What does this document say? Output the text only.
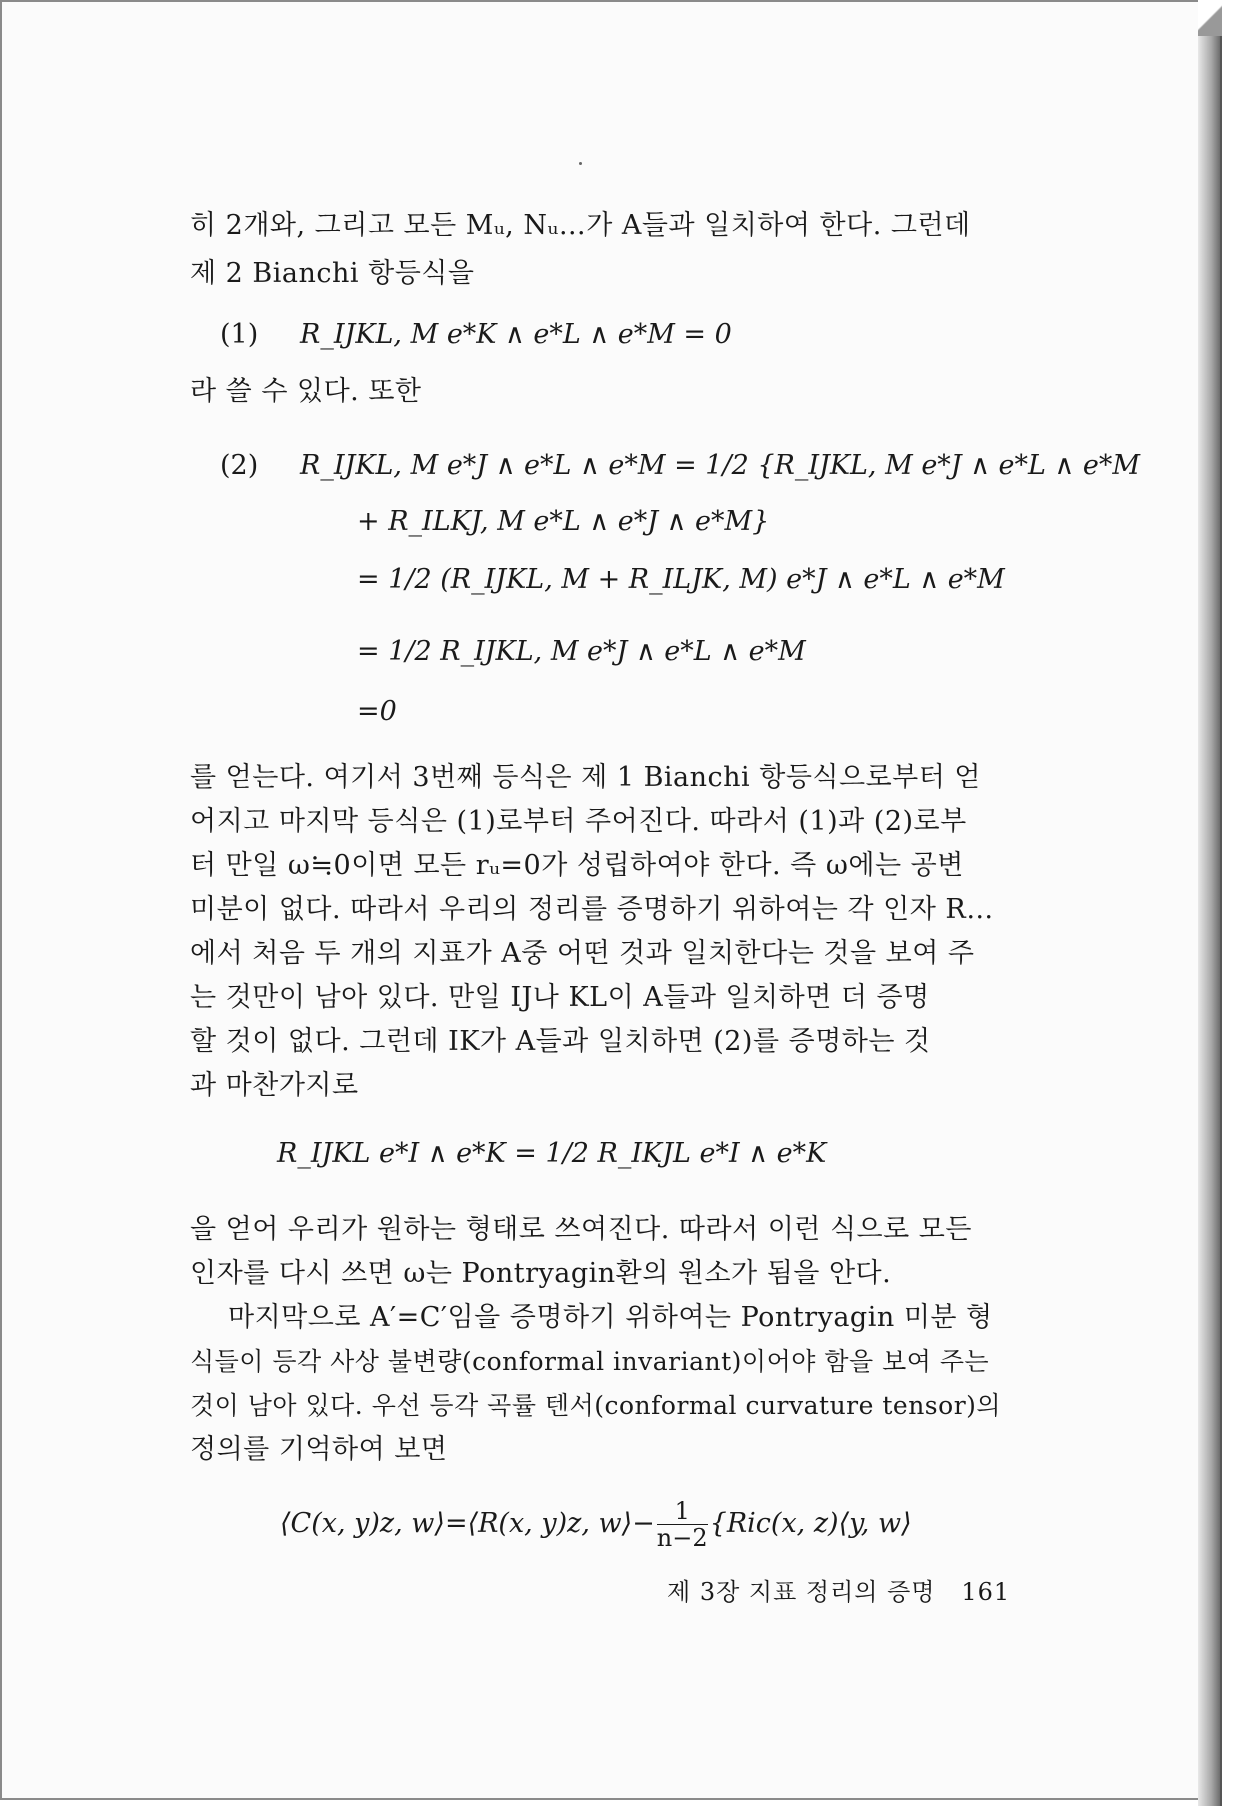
히 2개와, 그리고 모든 Mᵤ, Nᵤ…가 A들과 일치하여 한다. 그런데
제 2 Bianchi 항등식을
(1) R_IJKL, M e*K ∧ e*L ∧ e*M = 0
라 쓸 수 있다. 또한
(2) R_IJKL, M e*J ∧ e*L ∧ e*M = 1/2 {R_IJKL, M e*J ∧ e*L ∧ e*M
+ R_ILKJ, M e*L ∧ e*J ∧ e*M}
= 1/2 (R_IJKL, M + R_ILJK, M) e*J ∧ e*L ∧ e*M
= 1/2 R_IJKL, M e*J ∧ e*L ∧ e*M
=0
를 얻는다. 여기서 3번째 등식은 제 1 Bianchi 항등식으로부터 얻
어지고 마지막 등식은 (1)로부터 주어진다. 따라서 (1)과 (2)로부
터 만일 ω≒0이면 모든 rᵤ=0가 성립하여야 한다. 즉 ω에는 공변
미분이 없다. 따라서 우리의 정리를 증명하기 위하여는 각 인자 R…
에서 처음 두 개의 지표가 A중 어떤 것과 일치한다는 것을 보여 주
는 것만이 남아 있다. 만일 IJ나 KL이 A들과 일치하면 더 증명
할 것이 없다. 그런데 IK가 A들과 일치하면 (2)를 증명하는 것
과 마찬가지로
R_IJKL e*I ∧ e*K = 1/2 R_IKJL e*I ∧ e*K
을 얻어 우리가 원하는 형태로 쓰여진다. 따라서 이런 식으로 모든
인자를 다시 쓰면 ω는 Pontryagin환의 원소가 됨을 안다.
마지막으로 A′=C′임을 증명하기 위하여는 Pontryagin 미분 형
식들이 등각 사상 불변량(conformal invariant)이어야 함을 보여 주는
것이 남아 있다. 우선 등각 곡률 텐서(conformal curvature tensor)의
정의를 기억하여 보면
⟨C(x, y)z, w⟩=⟨R(x, y)z, w⟩− $\frac{1}{n-2} \{Ric(x$, z)⟨y, w⟩
제 3장 지표 정리의 증명 161
